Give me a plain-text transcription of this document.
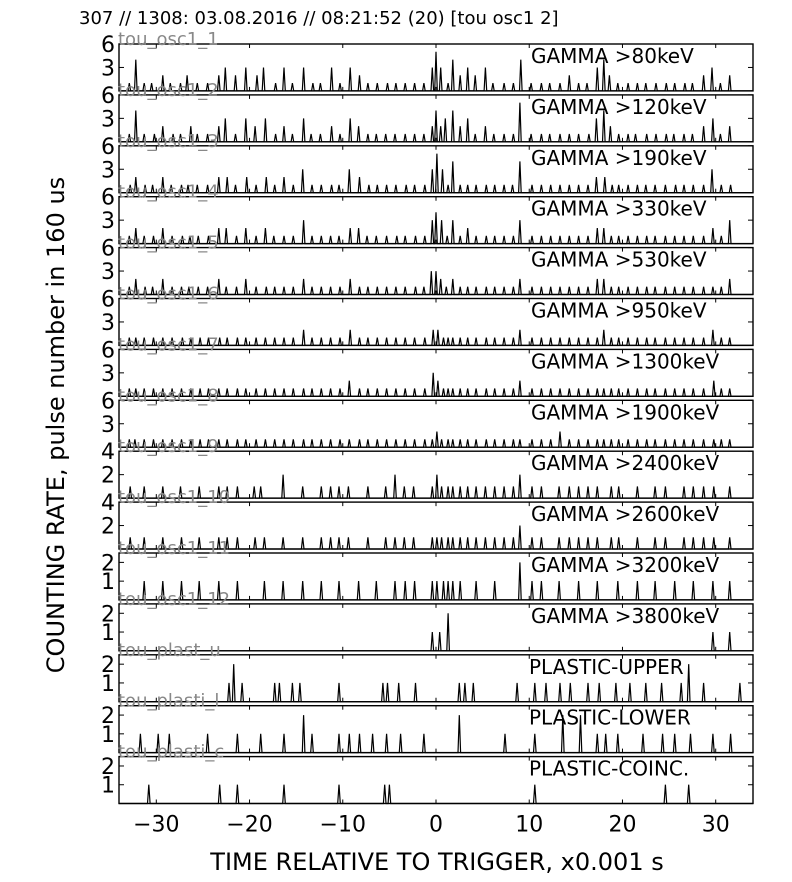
307 // 1308: 03.08.2016 // 08:21:52 (20) [tou osc1 2]
COUNTING RATE, pulse number in 160 us
TIME RELATIVE TO TRIGGER, x0.001 s
3
6	GAMMA >80keV
tou_osc1_1
3
6	GAMMA >120keV
tou_osc1_2
3
6	GAMMA >190keV
tou_osc1_3
3
6	GAMMA >330keV
tou_osc1_4
3
6	GAMMA >530keV
tou_osc1_5
3
6	GAMMA >950keV
tou_osc1_6
3
6	GAMMA >1300keV
tou_osc1_7
3
6	GAMMA >1900keV
tou_osc1_8
2
4	GAMMA >2400keV
tou_osc1_9
2
4	GAMMA >2600keV
tou_osc1_10
1
2	GAMMA >3200keV
tou_osc1_11
1
2	GAMMA >3800keV
tou_osc1_12
1
2	PLASTIC-UPPER
tou_plast_u
1
2	PLASTIC-LOWER
tou_plasti_l
1
2	PLASTIC-COINC.
tou_plasti_c
−30 −20 −10	0	10	20	30
